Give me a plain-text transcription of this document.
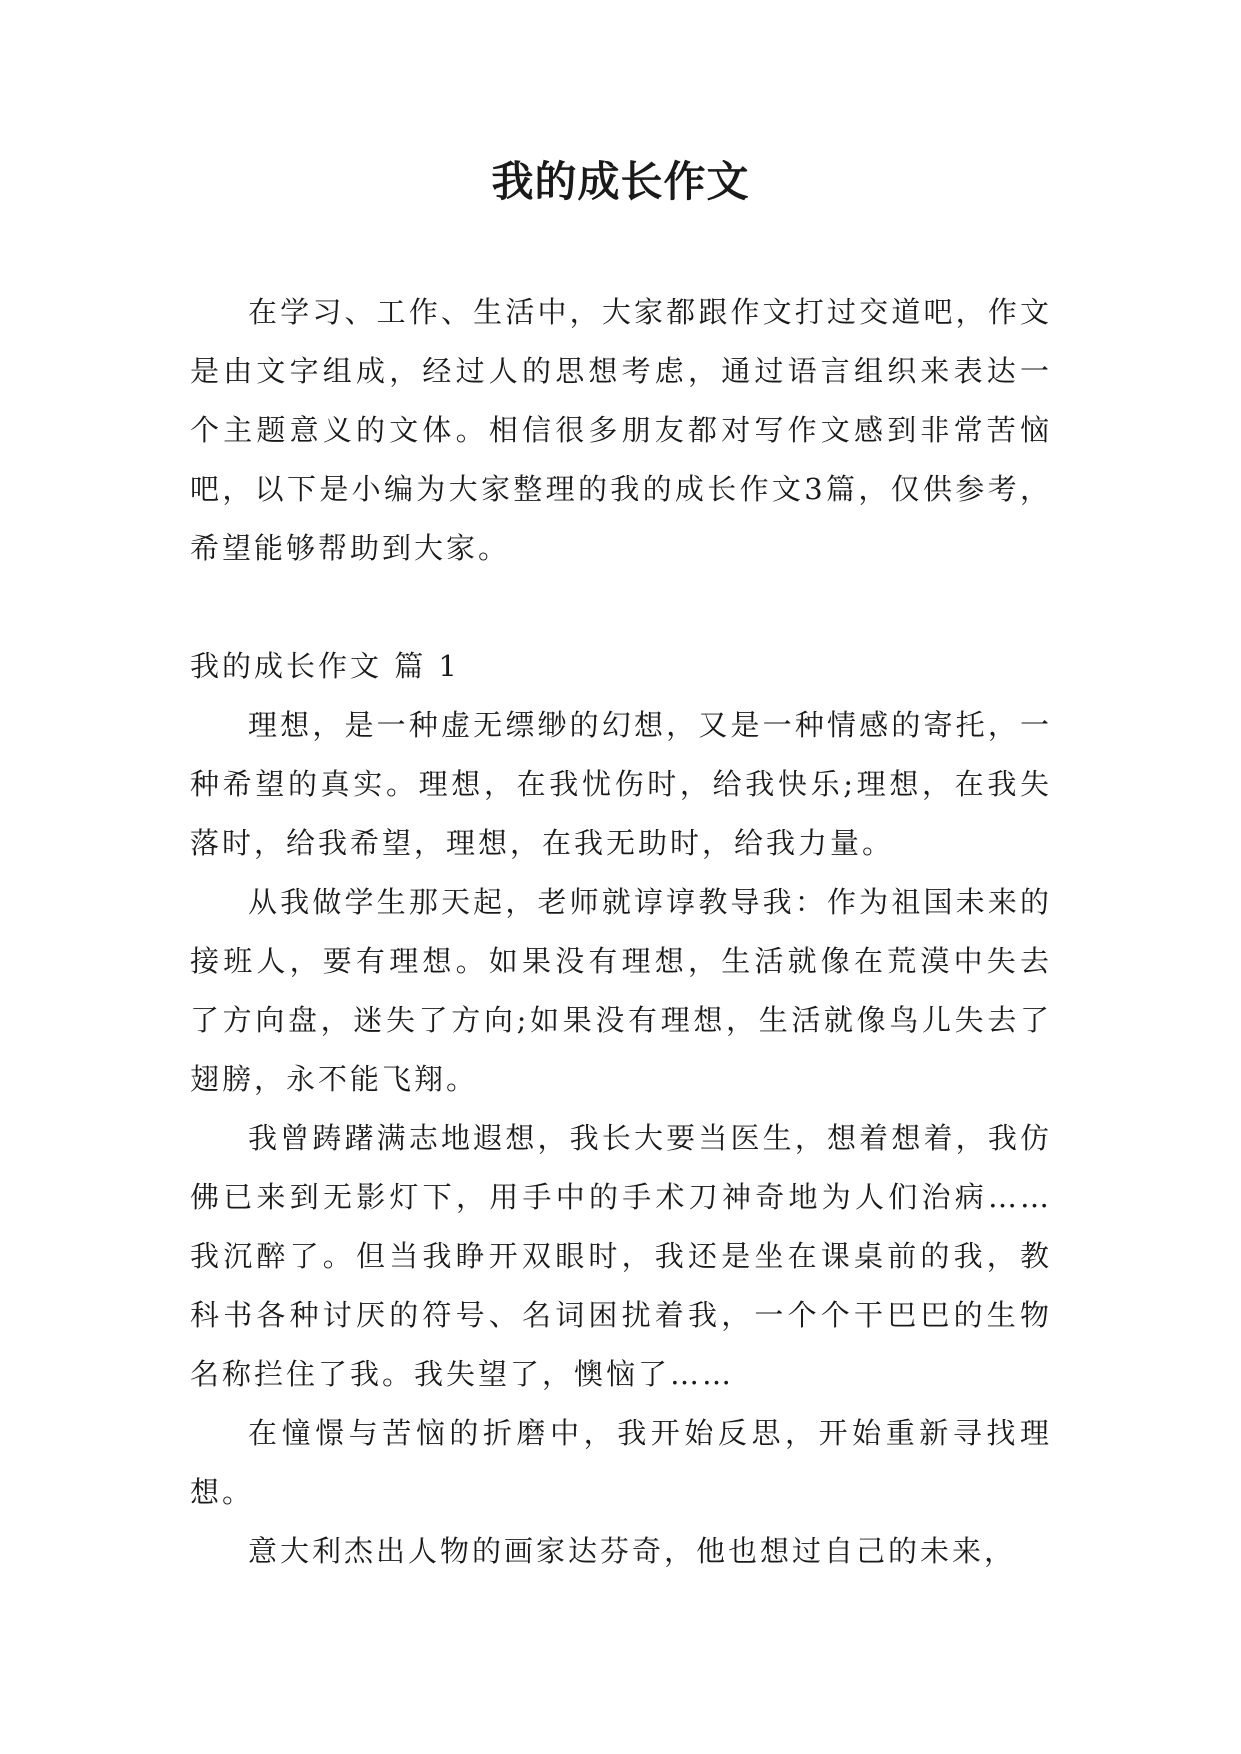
我的成长作文

在学习、工作、生活中，大家都跟作文打过交道吧，作文是由文字组成，经过人的思想考虑，通过语言组织来表达一个主题意义的文体。相信很多朋友都对写作文感到非常苦恼吧，以下是小编为大家整理的我的成长作文3篇，仅供参考，希望能够帮助到大家。

我的成长作文 篇 1

理想，是一种虚无缥缈的幻想，又是一种情感的寄托，一种希望的真实。理想，在我忧伤时，给我快乐;理想，在我失落时，给我希望，理想，在我无助时，给我力量。

从我做学生那天起，老师就谆谆教导我：作为祖国未来的接班人，要有理想。如果没有理想，生活就像在荒漠中失去了方向盘，迷失了方向;如果没有理想，生活就像鸟儿失去了翅膀，永不能飞翔。

我曾踌躇满志地遐想，我长大要当医生，想着想着，我仿佛已来到无影灯下，用手中的手术刀神奇地为人们治病……我沉醉了。但当我睁开双眼时，我还是坐在课桌前的我，教科书各种讨厌的符号、名词困扰着我，一个个干巴巴的生物名称拦住了我。我失望了，懊恼了……

在憧憬与苦恼的折磨中，我开始反思，开始重新寻找理想。

意大利杰出人物的画家达芬奇，他也想过自己的未来，
